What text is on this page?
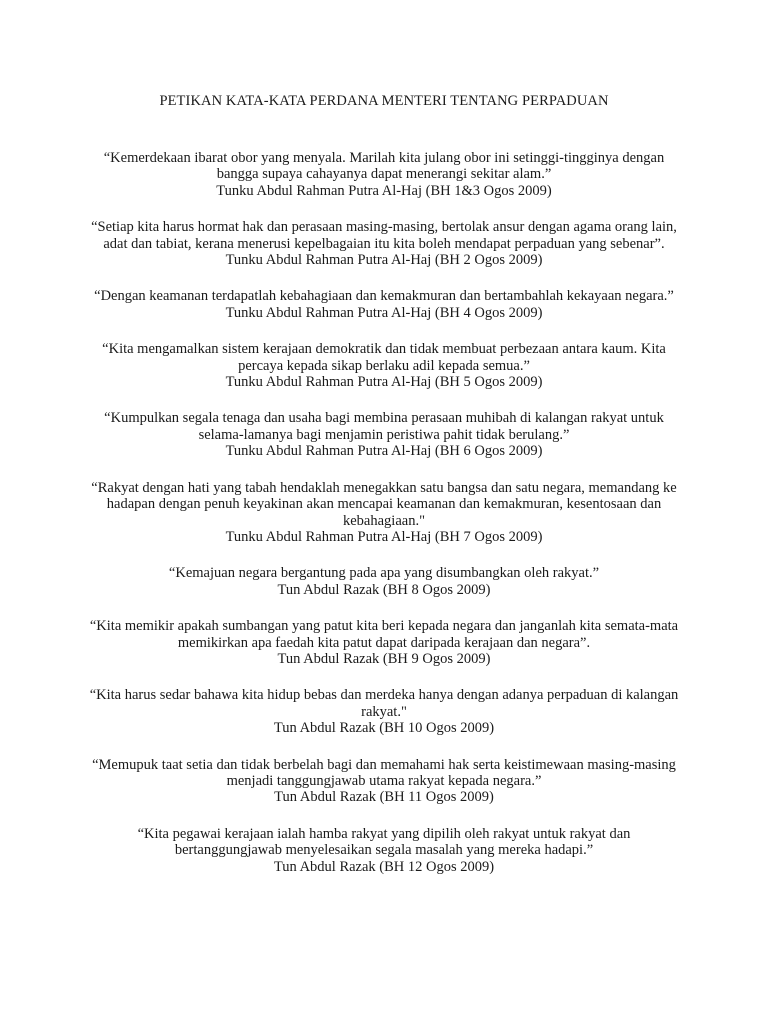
PETIKAN KATA-KATA PERDANA MENTERI TENTANG PERPADUAN
“Kemerdekaan ibarat obor yang menyala. Marilah kita julang obor ini setinggi-tingginya dengan bangga supaya cahayanya dapat menerangi sekitar alam.”
Tunku Abdul Rahman Putra Al-Haj (BH 1&3 Ogos 2009)
“Setiap kita harus hormat hak dan perasaan masing-masing, bertolak ansur dengan agama orang lain, adat dan tabiat, kerana menerusi kepelbagaian itu kita boleh mendapat perpaduan yang sebenar”.
Tunku Abdul Rahman Putra Al-Haj (BH 2 Ogos 2009)
“Dengan keamanan terdapatlah kebahagiaan dan kemakmuran dan bertambahlah kekayaan negara.”
Tunku Abdul Rahman Putra Al-Haj (BH 4 Ogos 2009)
“Kita mengamalkan sistem kerajaan demokratik dan tidak membuat perbezaan antara kaum. Kita percaya kepada sikap berlaku adil kepada semua.”
Tunku Abdul Rahman Putra Al-Haj (BH 5 Ogos 2009)
“Kumpulkan segala tenaga dan usaha bagi membina perasaan muhibah di kalangan rakyat untuk selama-lamanya bagi menjamin peristiwa pahit tidak berulang.”
Tunku Abdul Rahman Putra Al-Haj (BH 6 Ogos 2009)
“Rakyat dengan hati yang tabah hendaklah menegakkan satu bangsa dan satu negara, memandang ke hadapan dengan penuh keyakinan akan mencapai keamanan dan kemakmuran, kesentosaan dan kebahagiaan."
Tunku Abdul Rahman Putra Al-Haj (BH 7 Ogos 2009)
“Kemajuan negara bergantung pada apa yang disumbangkan oleh rakyat.”
Tun Abdul Razak (BH 8 Ogos 2009)
“Kita memikir apakah sumbangan yang patut kita beri kepada negara dan janganlah kita semata-mata memikirkan apa faedah kita patut dapat daripada kerajaan dan negara”.
Tun Abdul Razak (BH 9 Ogos 2009)
“Kita harus sedar bahawa kita hidup bebas dan merdeka hanya dengan adanya perpaduan di kalangan rakyat."
Tun Abdul Razak (BH 10 Ogos 2009)
“Memupuk taat setia dan tidak berbelah bagi dan memahami hak serta keistimewaan masing-masing menjadi tanggungjawab utama rakyat kepada negara.”
Tun Abdul Razak (BH 11 Ogos 2009)
“Kita pegawai kerajaan ialah hamba rakyat yang dipilih oleh rakyat untuk rakyat dan bertanggungjawab menyelesaikan segala masalah yang mereka hadapi.”
Tun Abdul Razak (BH 12 Ogos 2009)
